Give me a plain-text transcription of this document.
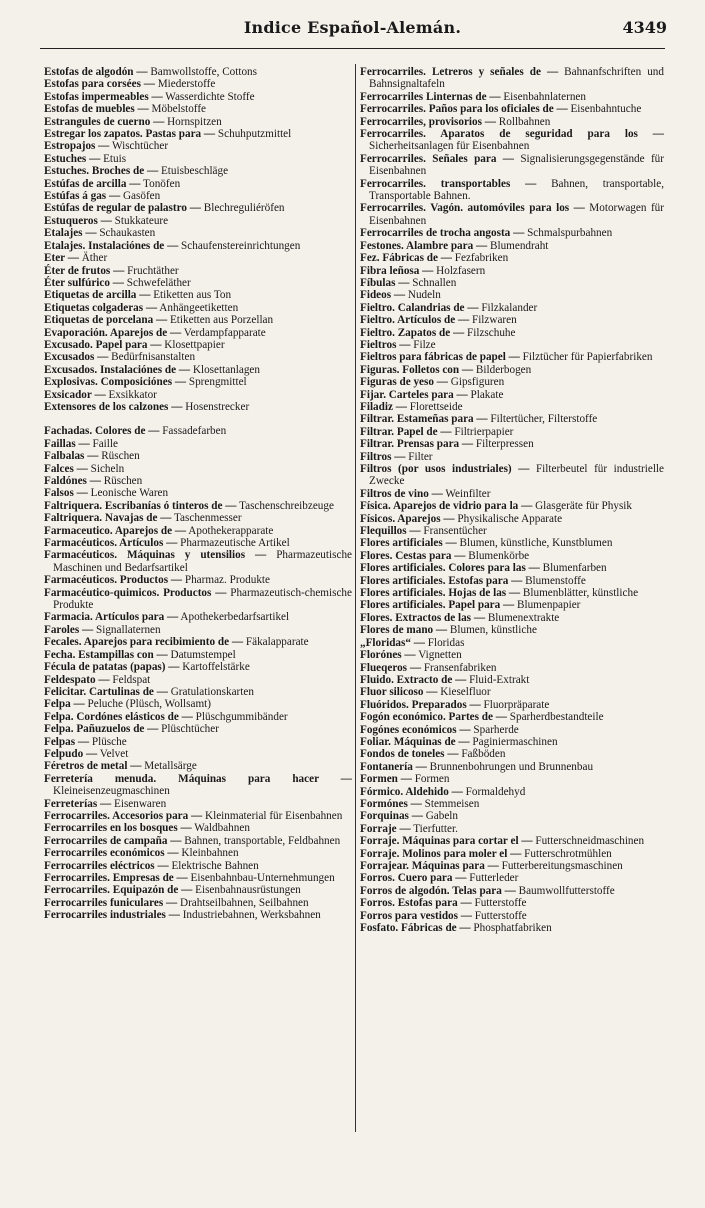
Indice Español-Alemán.	4349

Estofas de algodón — Bamwollstoffe, Cottons

Estofas para corsées — Miederstoffe

Estofas impermeables — Wasserdichte Stoffe

Estofas de muebles — Möbelstoffe

Estrangules de cuerno — Hornspitzen

Estregar los zapatos. Pastas para — Schuhputzmittel

Estropajos — Wischtücher

Estuches — Etuis

Estuches. Broches de — Etuisbeschläge

Estúfas de arcilla — Tonöfen

Estúfas á gas — Gasöfen

Estúfas de regular de palastro — Blechreguliéröfen

Estuqueros — Stukkateure

Etalajes — Schaukasten

Etalajes. Instalaciónes de — Schaufenstereinrichtungen

Eter — Äther

Éter de frutos — Fruchtäther

Éter sulfúrico — Schwefeläther

Etiquetas de arcilla — Etiketten aus Ton

Etiquetas colgaderas — Anhängeetiketten

Etiquetas de porcelana — Etiketten aus Porzellan

Evaporación. Aparejos de — Verdampfapparate

Excusado. Papel para — Klosettpapier

Excusados — Bedürfnisanstalten

Excusados. Instalaciónes de — Klosettanlagen

Explosivas. Composiciónes — Sprengmittel

Exsicador — Exsikkator

Extensores de los calzones — Hosenstrecker

Fachadas. Colores de — Fassadefarben

Faillas — Faille

Falbalas — Rüschen

Falces — Sicheln

Faldónes — Rüschen

Falsos — Leonische Waren

Faltriquera. Escribanías ó tinteros de — Taschenschreibzeuge

Faltriquera. Navajas de — Taschenmesser

Farmaceutico. Aparejos de — Apothekerapparate

Farmacéuticos. Artículos — Pharmazeutische Artikel

Farmacéuticos. Máquinas y utensilios — Pharmazeutische Maschinen und Bedarfsartikel

Farmacéuticos. Productos — Pharmaz. Produkte

Farmacéutico-quimicos. Productos — Pharmazeutisch-chemische Produkte

Farmacia. Artículos para — Apothekerbedarfsartikel

Faroles — Signallaternen

Fecales. Aparejos para recibimiento de — Fäkalapparate

Fecha. Estampillas con — Datumstempel

Fécula de patatas (papas) — Kartoffelstärke

Feldespato — Feldspat

Felicitar. Cartulinas de — Gratulationskarten

Felpa — Peluche (Plüsch, Wollsamt)

Felpa. Cordónes elásticos de — Plüschgummibänder

Felpa. Pañuzuelos de — Plüschtücher

Felpas — Plüsche

Felpudo — Velvet

Féretros de metal — Metallsärge

Ferretería menuda. Máquinas para hacer — Kleineisenzeugmaschinen

Ferreterías — Eisenwaren

Ferrocarriles. Accesorios para — Kleinmaterial für Eisenbahnen

Ferrocarriles en los bosques — Waldbahnen

Ferrocarriles de campaña — Bahnen, transportable, Feldbahnen

Ferrocarriles económicos — Kleinbahnen

Ferrocarriles eléctricos — Elektrische Bahnen

Ferrocarriles. Empresas de — Eisenbahnbau-Unternehmungen

Ferrocarriles. Equipazón de — Eisenbahnausrüstungen

Ferrocarriles funiculares — Drahtseilbahnen, Seilbahnen

Ferrocarriles industriales — Industriebahnen, Werksbahnen

Ferrocarriles. Letreros y señales de — Bahnanfschriften und Bahnsignaltafeln

Ferrocarriles Linternas de — Eisenbahnlaternen

Ferrocarriles. Paños para los oficiales de — Eisenbahntuche

Ferrocarriles, provisorios — Rollbahnen

Ferrocarriles. Aparatos de seguridad para los — Sicherheitsanlagen für Eisenbahnen

Ferrocarriles. Señales para — Signalisierungsgegenstände für Eisenbahnen

Ferrocarriles. transportables — Bahnen, transportable, Transportable Bahnen.

Ferrocarriles. Vagón. automóviles para los — Motorwagen für Eisenbahnen

Ferrocarriles de trocha angosta — Schmalspurbahnen

Festones. Alambre para — Blumendraht

Fez. Fábricas de — Fezfabriken

Fibra leñosa — Holzfasern

Fíbulas — Schnallen

Fideos — Nudeln

Fieltro. Calandrias de — Filzkalander

Fieltro. Artículos de — Filzwaren

Fieltro. Zapatos de — Filzschuhe

Fieltros — Filze

Fieltros para fábricas de papel — Filztücher für Papierfabriken

Figuras. Folletos con — Bilderbogen

Figuras de yeso — Gipsfiguren

Fijar. Carteles para — Plakate

Filadiz — Florettseide

Filtrar. Estameñas para — Filtertücher, Filterstoffe

Filtrar. Papel de — Filtrierpapier

Filtrar. Prensas para — Filterpressen

Filtros — Filter

Filtros (por usos industriales) — Filterbeutel für industrielle Zwecke

Filtros de vino — Weinfilter

Física. Aparejos de vidrio para la — Glasgeräte für Physik

Físicos. Aparejos — Physikalische Apparate

Flequillos — Fransentücher

Flores artificiales — Blumen, künstliche, Kunstblumen

Flores. Cestas para — Blumenkörbe

Flores artificiales. Colores para las — Blumenfarben

Flores artificiales. Estofas para — Blumenstoffe

Flores artificiales. Hojas de las — Blumenblätter, künstliche

Flores artificiales. Papel para — Blumenpapier

Flores. Extractos de las — Blumenextrakte

Flores de mano — Blumen, künstliche

„Floridas“ — Floridas

Florónes — Vignetten

Flueqeros — Fransenfabriken

Fluido. Extracto de — Fluid-Extrakt

Fluor silicoso — Kieselfluor

Fluóridos. Preparados — Fluorpräparate

Fogón económico. Partes de — Sparherdbestandteile

Fogónes económicos — Sparherde

Foliar. Máquinas de — Paginiermaschinen

Fondos de toneles — Faßböden

Fontanería — Brunnenbohrungen und Brunnenbau

Formen — Formen

Fórmico. Aldehido — Formaldehyd

Formónes — Stemmeisen

Forquinas — Gabeln

Forraje — Tierfutter.

Forraje. Máquinas para cortar el — Futterschneidmaschinen

Forraje. Molinos para moler el — Futterschrotmühlen

Forrajear. Máquinas para — Futterbereitungsmaschinen

Forros. Cuero para — Futterleder

Forros de algodón. Telas para — Baumwollfutterstoffe

Forros. Estofas para — Futterstoffe

Forros para vestidos — Futterstoffe

Fosfato. Fábricas de — Phosphatfabriken
